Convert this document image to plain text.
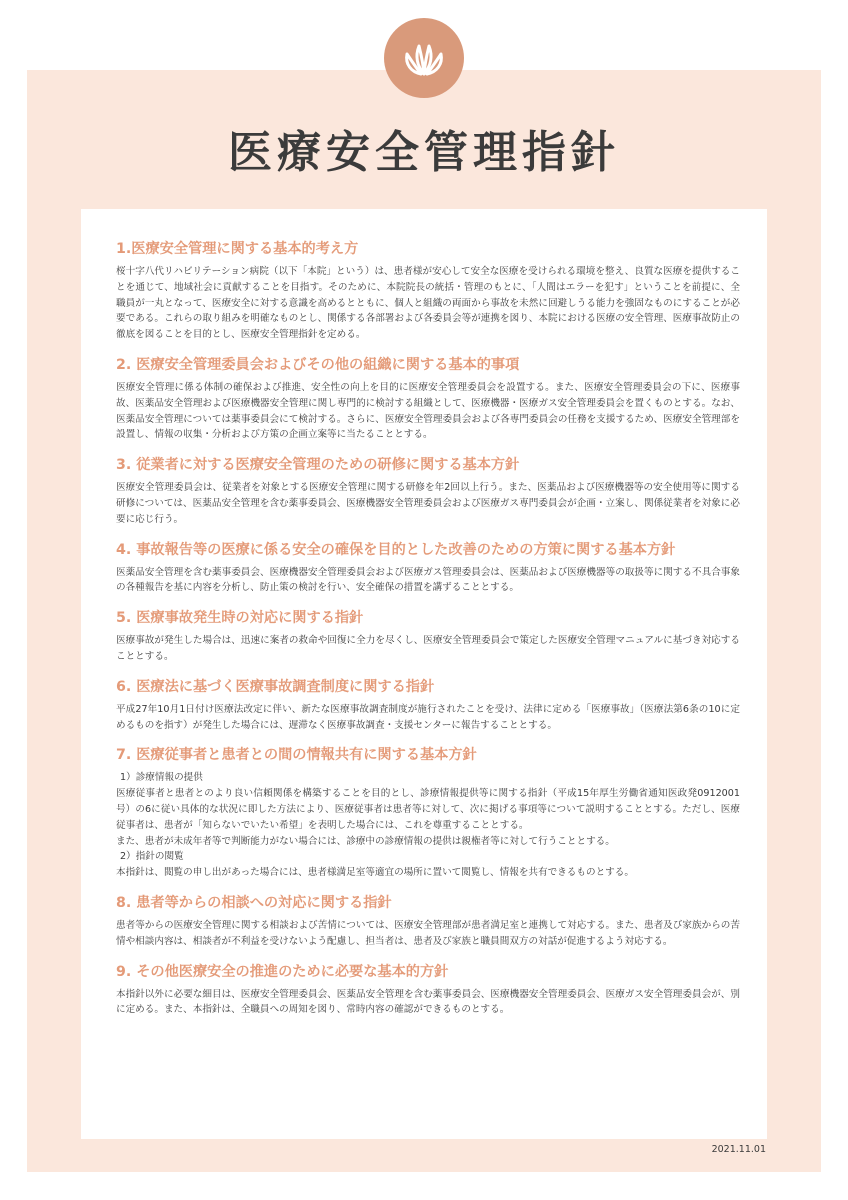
医療安全管理指針
1.医療安全管理に関する基本的考え方

桜十字八代リハビリテーション病院（以下「本院」という）は、患者様が安心して安全な医療を受けられる環境を整え、良質な医療を提供することを通じて、地域社会に貢献することを目指す。そのために、本院院長の統括・管理のもとに、「人間はエラーを犯す」ということを前提に、全職員が一丸となって、医療安全に対する意識を高めるとともに、個人と組織の両面から事故を未然に回避しうる能力を強固なものにすることが必要である。これらの取り組みを明確なものとし、関係する各部署および各委員会等が連携を図り、本院における医療の安全管理、医療事故防止の徹底を図ることを目的とし、医療安全管理指針を定める。

2. 医療安全管理委員会およびその他の組織に関する基本的事項

医療安全管理に係る体制の確保および推進、安全性の向上を目的に医療安全管理委員会を設置する。また、医療安全管理委員会の下に、医療事故、医薬品安全管理および医療機器安全管理に関し専門的に検討する組織として、医療機器・医療ガス安全管理委員会を置くものとする。なお、医薬品安全管理については薬事委員会にて検討する。さらに、医療安全管理委員会および各専門委員会の任務を支援するため、医療安全管理部を設置し、情報の収集・分析および方策の企画立案等に当たることとする。

3. 従業者に対する医療安全管理のための研修に関する基本方針

医療安全管理委員会は、従業者を対象とする医療安全管理に関する研修を年2回以上行う。また、医薬品および医療機器等の安全使用等に関する研修については、医薬品安全管理を含む薬事委員会、医療機器安全管理委員会および医療ガス専門委員会が企画・立案し、関係従業者を対象に必要に応じ行う。

4. 事故報告等の医療に係る安全の確保を目的とした改善のための方策に関する基本方針

医薬品安全管理を含む薬事委員会、医療機器安全管理委員会および医療ガス管理委員会は、医薬品および医療機器等の取扱等に関する不具合事象の各種報告を基に内容を分析し、防止策の検討を行い、安全確保の措置を講ずることとする。

5. 医療事故発生時の対応に関する指針

医療事故が発生した場合は、迅速に案者の救命や回復に全力を尽くし、医療安全管理委員会で策定した医療安全管理マニュアルに基づき対応することとする。

6. 医療法に基づく医療事故調査制度に関する指針

平成27年10月1日付け医療法改定に伴い、新たな医療事故調査制度が施行されたことを受け、法律に定める「医療事故」（医療法第6条の10に定めるものを指す）が発生した場合には、遅滞なく医療事故調査・支援センターに報告することとする。

7. 医療従事者と患者との間の情報共有に関する基本方針

1）診療情報の提供

医療従事者と患者とのより良い信頼関係を構築することを目的とし、診療情報提供等に関する指針（平成15年厚生労働省通知医政発0912001号）の6に従い具体的な状況に即した方法により、医療従事者は患者等に対して、次に掲げる事項等について説明することとする。ただし、医療従事者は、患者が「知らないでいたい希望」を表明した場合には、これを尊重することとする。

また、患者が未成年者等で判断能力がない場合には、診療中の診療情報の提供は親権者等に対して行うこととする。

2）指針の閲覧

本指針は、閲覧の申し出があった場合には、患者様満足室等適宜の場所に置いて閲覧し、情報を共有できるものとする。

8. 患者等からの相談への対応に関する指針

患者等からの医療安全管理に関する相談および苦情については、医療安全管理部が患者満足室と連携して対応する。また、患者及び家族からの苦情や相談内容は、相談者が不利益を受けないよう配慮し、担当者は、患者及び家族と職員間双方の対話が促進するよう対応する。

9. その他医療安全の推進のために必要な基本的方針

本指針以外に必要な細目は、医療安全管理委員会、医薬品安全管理を含む薬事委員会、医療機器安全管理委員会、医療ガス安全管理委員会が、別に定める。また、本指針は、全職員への周知を図り、常時内容の確認ができるものとする。

2021.11.01
